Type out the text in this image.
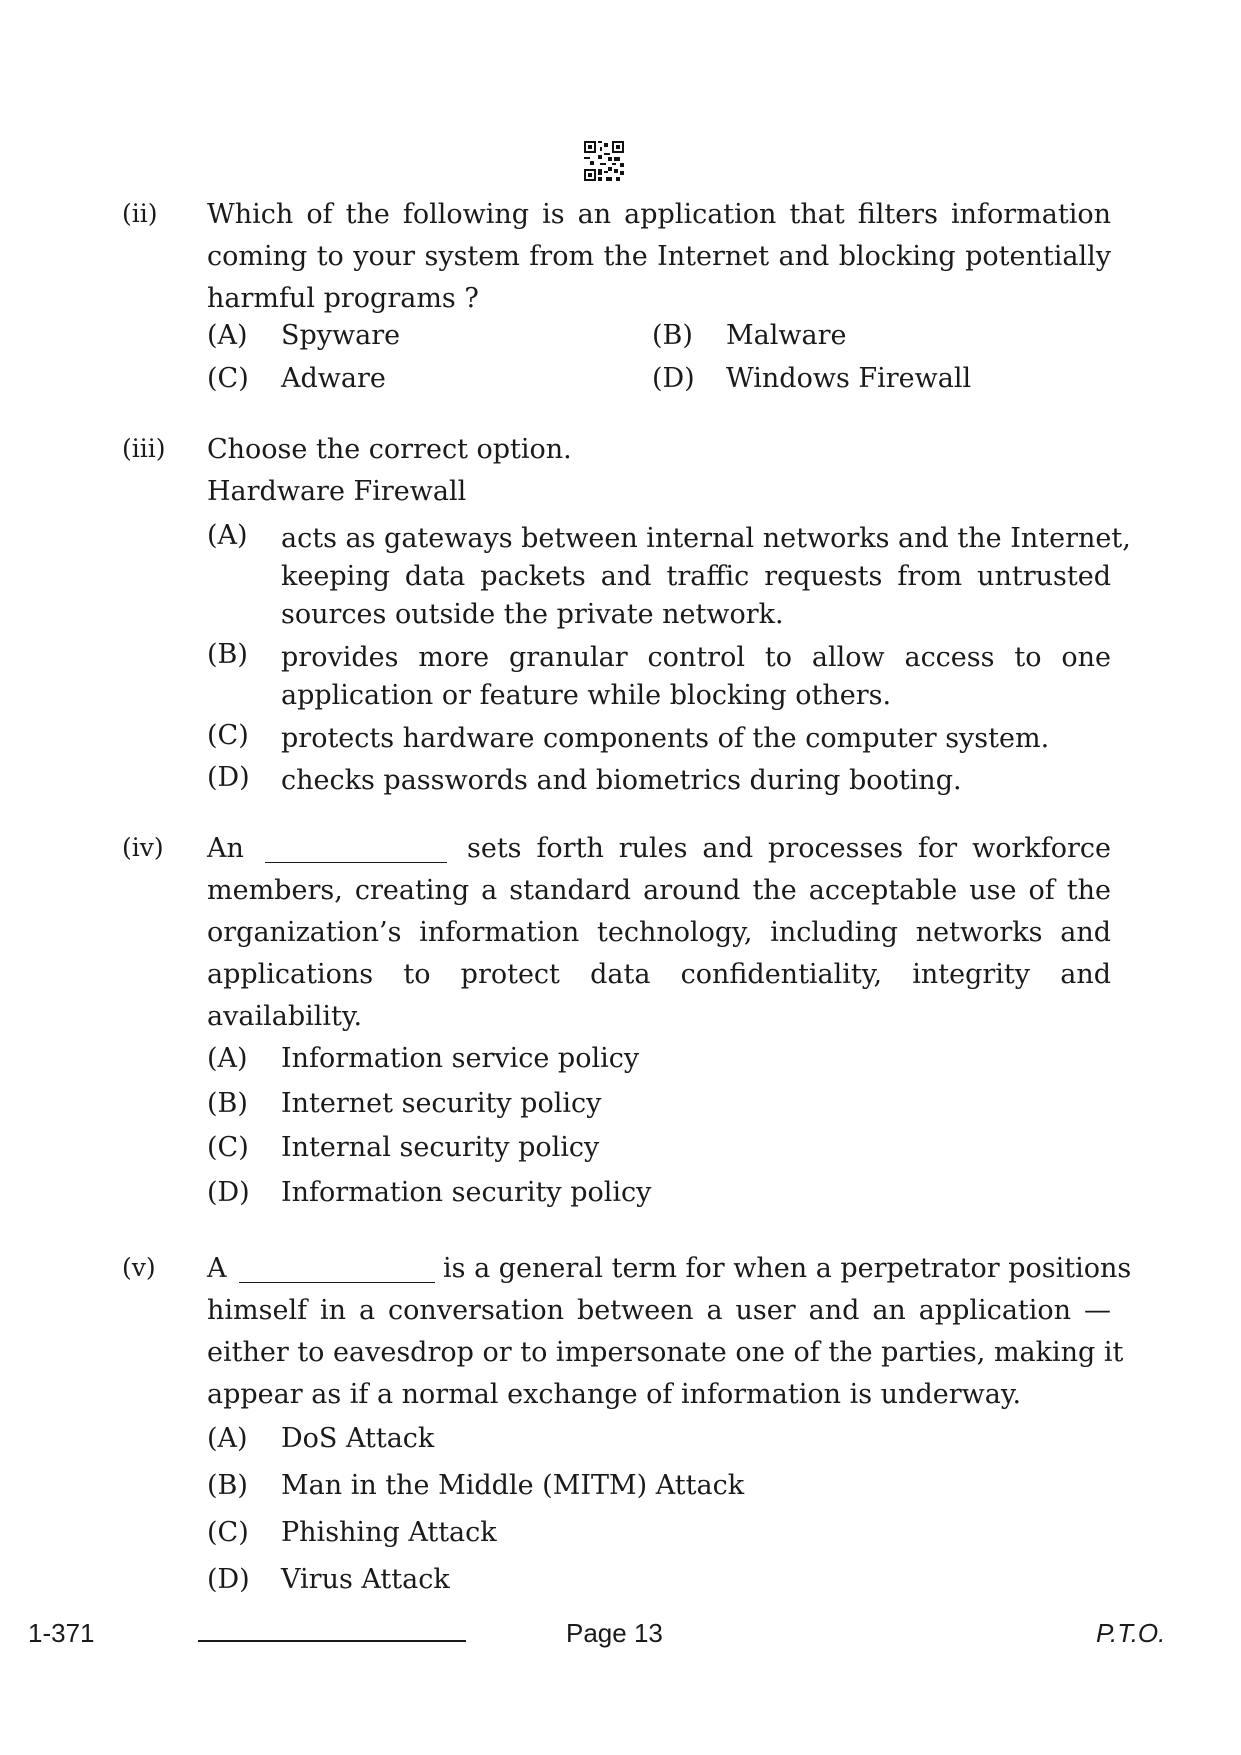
(ii) Which of the following is an application that filters information
coming to your system from the Internet and blocking potentially
harmful programs ?
(A) Spyware	(B) Malware
(C) Adware	(D) Windows Firewall
(iii) Choose the correct option.
Hardware Firewall
(A) acts as gateways between internal networks and the Internet,
keeping data packets and traffic requests from untrusted
sources outside the private network.
(B) provides more granular control to allow access to one
application or feature while blocking others.
(C) protects hardware components of the computer system.
(D) checks passwords and biometrics during booting.
(iv) An	sets forth rules and processes for workforce
members, creating a standard around the acceptable use of the
organization’s information technology, including networks and
applications to protect data confidentiality, integrity and
availability.
(A) Information service policy
(B) Internet security policy
(C) Internal security policy
(D) Information security policy
(v) A	is a general term for when a perpetrator positions
himself in a conversation between a user and an application —
either to eavesdrop or to impersonate one of the parties, making it
appear as if a normal exchange of information is underway.
(A) DoS Attack
(B) Man in the Middle (MITM) Attack
(C) Phishing Attack
(D) Virus Attack
1-371	Page 13	P.T.O.
